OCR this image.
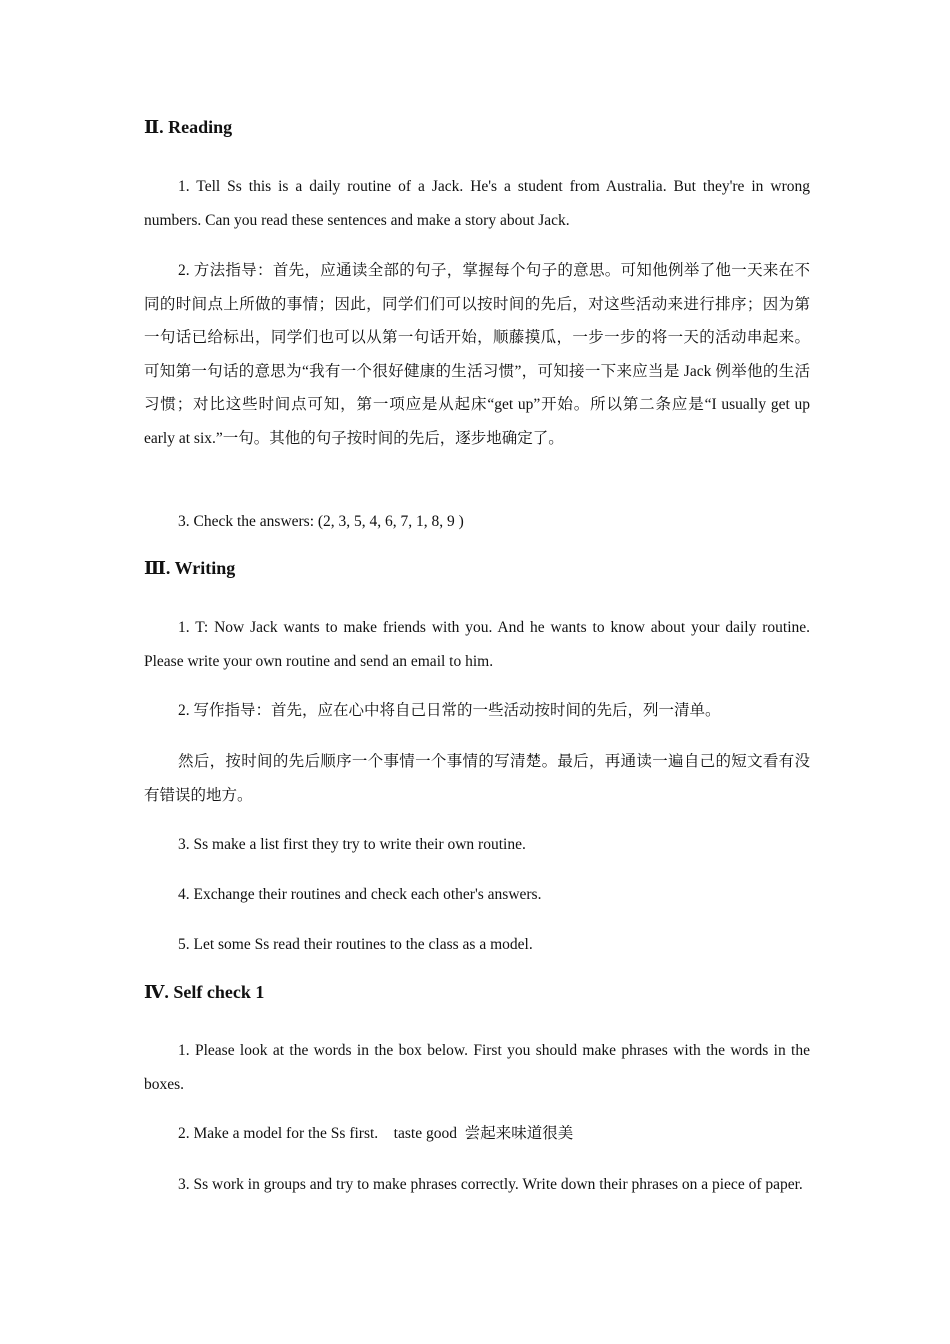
Ⅱ. Reading

1. Tell Ss this is a daily routine of a Jack. He's a student from Australia. But they're in wrong numbers. Can you read these sentences and make a story about Jack.

2. 方法指导：首先，应通读全部的句子，掌握每个句子的意思。可知他例举了他一天来在不同的时间点上所做的事情；因此，同学们们可以按时间的先后，对这些活动来进行排序；因为第一句话已给标出，同学们也可以从第一句话开始，顺藤摸瓜，一步一步的将一天的活动串起来。可知第一句话的意思为“我有一个很好健康的生活习惯”，可知接一下来应当是 Jack 例举他的生活习惯；对比这些时间点可知，第一项应是从起床“get up”开始。所以第二条应是“I usually get up early at six.”一句。其他的句子按时间的先后，逐步地确定了。

3. Check the answers: (2, 3, 5, 4, 6, 7, 1, 8, 9 )

Ⅲ. Writing

1. T: Now Jack wants to make friends with you. And he wants to know about your daily routine. Please write your own routine and send an email to him.

2. 写作指导：首先，应在心中将自己日常的一些活动按时间的先后，列一清单。

然后，按时间的先后顺序一个事情一个事情的写清楚。最后，再通读一遍自己的短文看有没有错误的地方。

3. Ss make a list first they try to write their own routine.

4. Exchange their routines and check each other's answers.

5. Let some Ss read their routines to the class as a model.

Ⅳ. Self check 1

1. Please look at the words in the box below. First you should make phrases with the words in the boxes.

2. Make a model for the Ss first.    taste good  尝起来味道很美

3. Ss work in groups and try to make phrases correctly. Write down their phrases on a piece of paper.
